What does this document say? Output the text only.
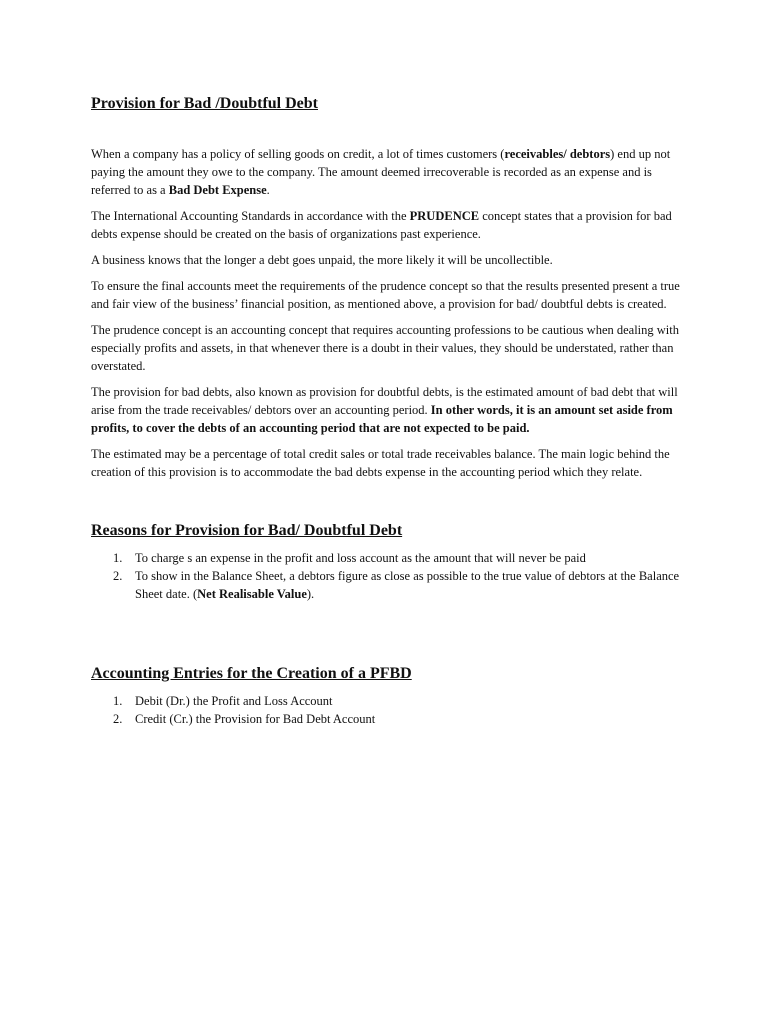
Provision for Bad /Doubtful Debt

When a company has a policy of selling goods on credit, a lot of times customers (receivables/ debtors) end up not paying the amount they owe to the company. The amount deemed irrecoverable is recorded as an expense and is referred to as a Bad Debt Expense.

The International Accounting Standards in accordance with the PRUDENCE concept states that a provision for bad debts expense should be created on the basis of organizations past experience.

A business knows that the longer a debt goes unpaid, the more likely it will be uncollectible.

To ensure the final accounts meet the requirements of the prudence concept so that the results presented present a true and fair view of the business’ financial position, as mentioned above, a provision for bad/ doubtful debts is created.

The prudence concept is an accounting concept that requires accounting professions to be cautious when dealing with especially profits and assets, in that whenever there is a doubt in their values, they should be understated, rather than overstated.

The provision for bad debts, also known as provision for doubtful debts, is the estimated amount of bad debt that will arise from the trade receivables/ debtors over an accounting period. In other words, it is an amount set aside from profits, to cover the debts of an accounting period that are not expected to be paid.

The estimated may be a percentage of total credit sales or total trade receivables balance. The main logic behind the creation of this provision is to accommodate the bad debts expense in the accounting period which they relate.

Reasons for Provision for Bad/ Doubtful Debt
1. To charge s an expense in the profit and loss account as the amount that will never be paid
2. To show in the Balance Sheet, a debtors figure as close as possible to the true value of debtors at the Balance Sheet date. (Net Realisable Value).
Accounting Entries for the Creation of a PFBD
1. Debit (Dr.) the Profit and Loss Account
2. Credit (Cr.) the Provision for Bad Debt Account
